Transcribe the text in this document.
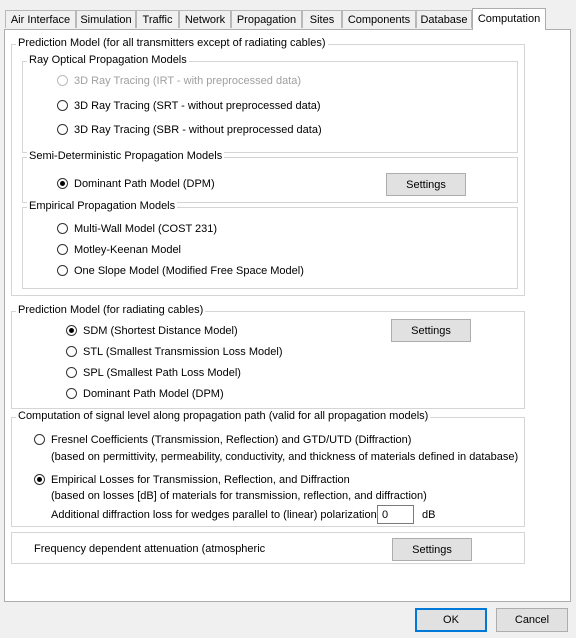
Air Interface Simulation Traffic	Network	Propagation	Sites	Components Database Computation
Prediction Model (for all transmitters except of radiating cables)
Ray Optical Propagation Models
3D Ray Tracing (IRT - with preprocessed data)
3D Ray Tracing (SRT - without preprocessed data)
3D Ray Tracing (SBR - without preprocessed data)
Semi-Deterministic Propagation Models
Dominant Path Model (DPM)	Settings
Empirical Propagation Models
Multi-Wall Model (COST 231)
Motley-Keenan Model
One Slope Model (Modified Free Space Model)
Prediction Model (for radiating cables)
SDM (Shortest Distance Model)
STL (Smallest Transmission Loss Model)
SPL (Smallest Path Loss Model)
Dominant Path Model (DPM)
Settings
Computation of signal level along propagation path (valid for all propagation models)
Fresnel Coefficients (Transmission, Reflection) and GTD/UTD (Diffraction)
(based on permittivity, permeability, conductivity, and thickness of materials defined in database)
Empirical Losses for Transmission, Reflection, and Diffraction
(based on losses [dB] of materials for transmission, reflection, and diffraction)
Additional diffraction loss for wedges parallel to (linear) polarization
0	dB
Frequency dependent attenuation (atmospheric	Settings
OK	Cancel
